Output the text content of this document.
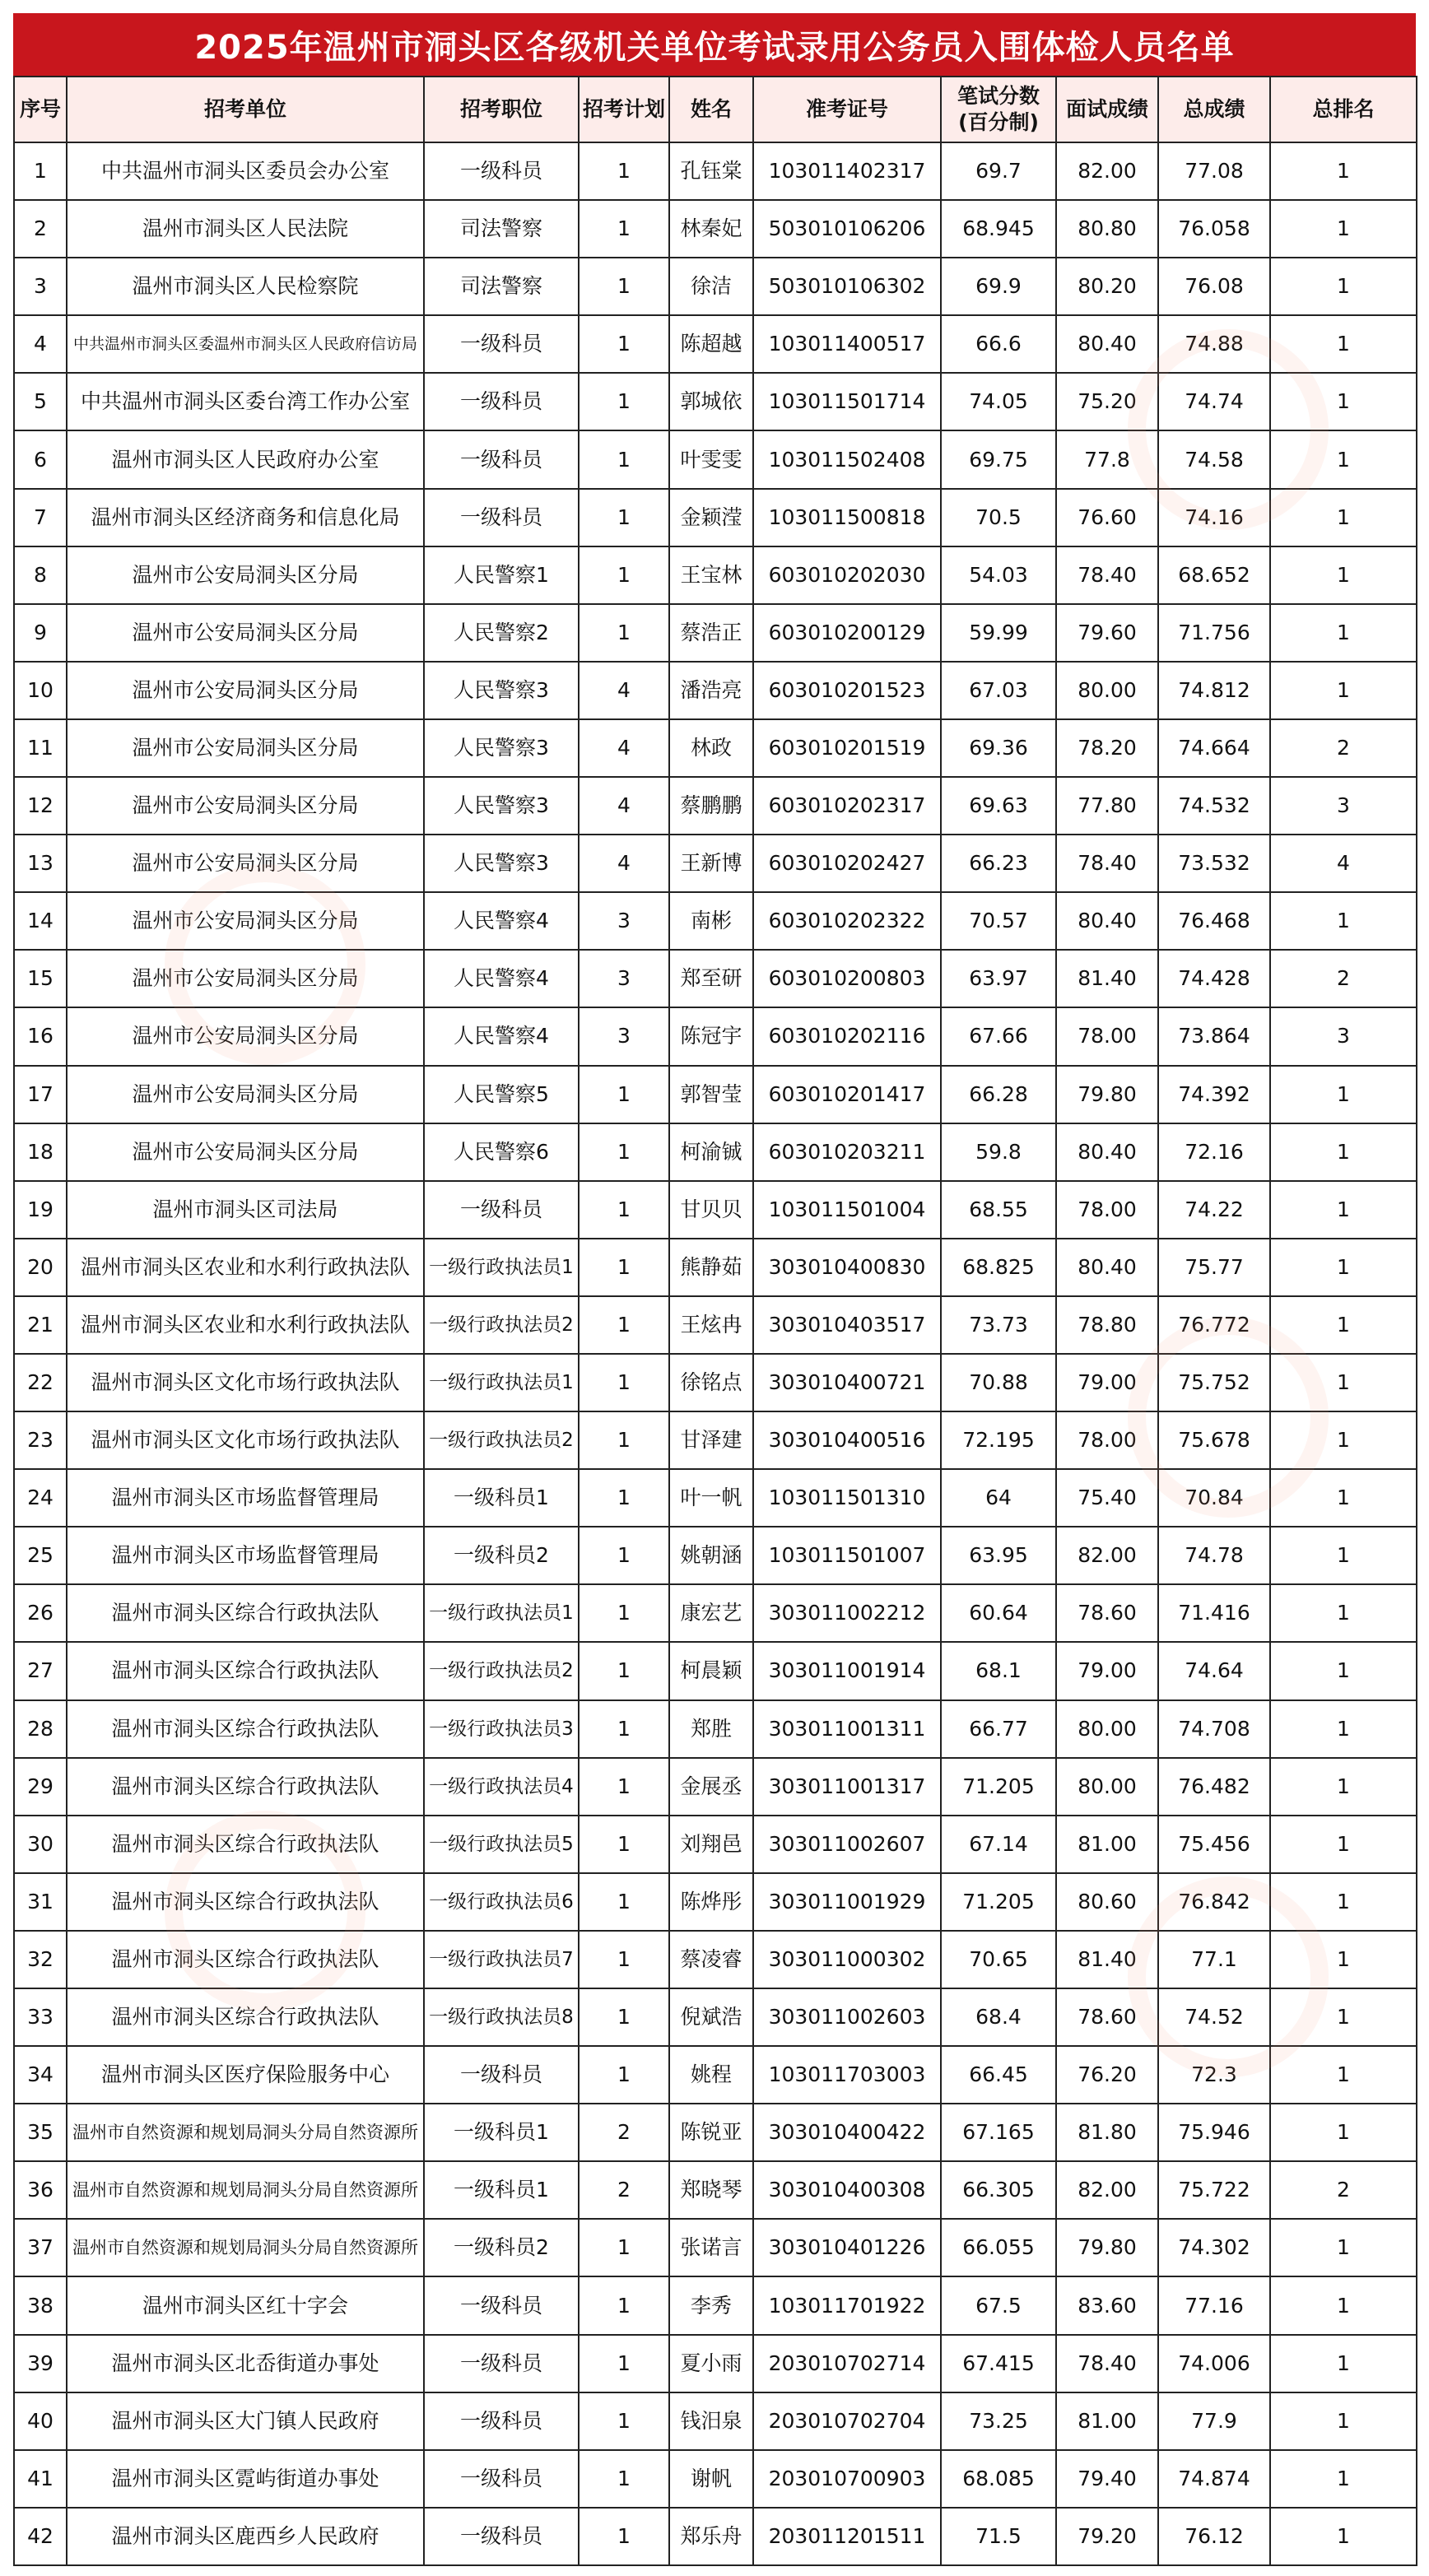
2025年温州市洞头区各级机关单位考试录用公务员入围体检人员名单
序号	招考单位	招考职位	招考计划	姓名	准考证号	笔试分数(百分制)	面试成绩	总成绩	总排名
1	中共温州市洞头区委员会办公室	一级科员	1	孔钰棠	103011402317	69.7	82.00	77.08	1
2	温州市洞头区人民法院	司法警察	1	林秦妃	503010106206	68.945	80.80	76.058	1
3	温州市洞头区人民检察院	司法警察	1	徐洁	503010106302	69.9	80.20	76.08	1
4	中共温州市洞头区委温州市洞头区人民政府信访局	一级科员	1	陈超越	103011400517	66.6	80.40	74.88	1
5	中共温州市洞头区委台湾工作办公室	一级科员	1	郭城依	103011501714	74.05	75.20	74.74	1
6	温州市洞头区人民政府办公室	一级科员	1	叶雯雯	103011502408	69.75	77.8	74.58	1
7	温州市洞头区经济商务和信息化局	一级科员	1	金颖滢	103011500818	70.5	76.60	74.16	1
8	温州市公安局洞头区分局	人民警察1	1	王宝林	603010202030	54.03	78.40	68.652	1
9	温州市公安局洞头区分局	人民警察2	1	蔡浩正	603010200129	59.99	79.60	71.756	1
10	温州市公安局洞头区分局	人民警察3	4	潘浩亮	603010201523	67.03	80.00	74.812	1
11	温州市公安局洞头区分局	人民警察3	4	林政	603010201519	69.36	78.20	74.664	2
12	温州市公安局洞头区分局	人民警察3	4	蔡鹏鹏	603010202317	69.63	77.80	74.532	3
13	温州市公安局洞头区分局	人民警察3	4	王新博	603010202427	66.23	78.40	73.532	4
14	温州市公安局洞头区分局	人民警察4	3	南彬	603010202322	70.57	80.40	76.468	1
15	温州市公安局洞头区分局	人民警察4	3	郑至研	603010200803	63.97	81.40	74.428	2
16	温州市公安局洞头区分局	人民警察4	3	陈冠宇	603010202116	67.66	78.00	73.864	3
17	温州市公安局洞头区分局	人民警察5	1	郭智莹	603010201417	66.28	79.80	74.392	1
18	温州市公安局洞头区分局	人民警察6	1	柯渝铖	603010203211	59.8	80.40	72.16	1
19	温州市洞头区司法局	一级科员	1	甘贝贝	103011501004	68.55	78.00	74.22	1
20	温州市洞头区农业和水利行政执法队	一级行政执法员1	1	熊静茹	303010400830	68.825	80.40	75.77	1
21	温州市洞头区农业和水利行政执法队	一级行政执法员2	1	王炫冉	303010403517	73.73	78.80	76.772	1
22	温州市洞头区文化市场行政执法队	一级行政执法员1	1	徐铭点	303010400721	70.88	79.00	75.752	1
23	温州市洞头区文化市场行政执法队	一级行政执法员2	1	甘泽建	303010400516	72.195	78.00	75.678	1
24	温州市洞头区市场监督管理局	一级科员1	1	叶一帆	103011501310	64	75.40	70.84	1
25	温州市洞头区市场监督管理局	一级科员2	1	姚朝涵	103011501007	63.95	82.00	74.78	1
26	温州市洞头区综合行政执法队	一级行政执法员1	1	康宏艺	303011002212	60.64	78.60	71.416	1
27	温州市洞头区综合行政执法队	一级行政执法员2	1	柯晨颖	303011001914	68.1	79.00	74.64	1
28	温州市洞头区综合行政执法队	一级行政执法员3	1	郑胜	303011001311	66.77	80.00	74.708	1
29	温州市洞头区综合行政执法队	一级行政执法员4	1	金展丞	303011001317	71.205	80.00	76.482	1
30	温州市洞头区综合行政执法队	一级行政执法员5	1	刘翔邑	303011002607	67.14	81.00	75.456	1
31	温州市洞头区综合行政执法队	一级行政执法员6	1	陈烨彤	303011001929	71.205	80.60	76.842	1
32	温州市洞头区综合行政执法队	一级行政执法员7	1	蔡凌睿	303011000302	70.65	81.40	77.1	1
33	温州市洞头区综合行政执法队	一级行政执法员8	1	倪斌浩	303011002603	68.4	78.60	74.52	1
34	温州市洞头区医疗保险服务中心	一级科员	1	姚程	103011703003	66.45	76.20	72.3	1
35	温州市自然资源和规划局洞头分局自然资源所	一级科员1	2	陈锐亚	303010400422	67.165	81.80	75.946	1
36	温州市自然资源和规划局洞头分局自然资源所	一级科员1	2	郑晓琴	303010400308	66.305	82.00	75.722	2
37	温州市自然资源和规划局洞头分局自然资源所	一级科员2	1	张诺言	303010401226	66.055	79.80	74.302	1
38	温州市洞头区红十字会	一级科员	1	李秀	103011701922	67.5	83.60	77.16	1
39	温州市洞头区北岙街道办事处	一级科员	1	夏小雨	203010702714	67.415	78.40	74.006	1
40	温州市洞头区大门镇人民政府	一级科员	1	钱汨泉	203010702704	73.25	81.00	77.9	1
41	温州市洞头区霓屿街道办事处	一级科员	1	谢帆	203010700903	68.085	79.40	74.874	1
42	温州市洞头区鹿西乡人民政府	一级科员	1	郑乐舟	203011201511	71.5	79.20	76.12	1
